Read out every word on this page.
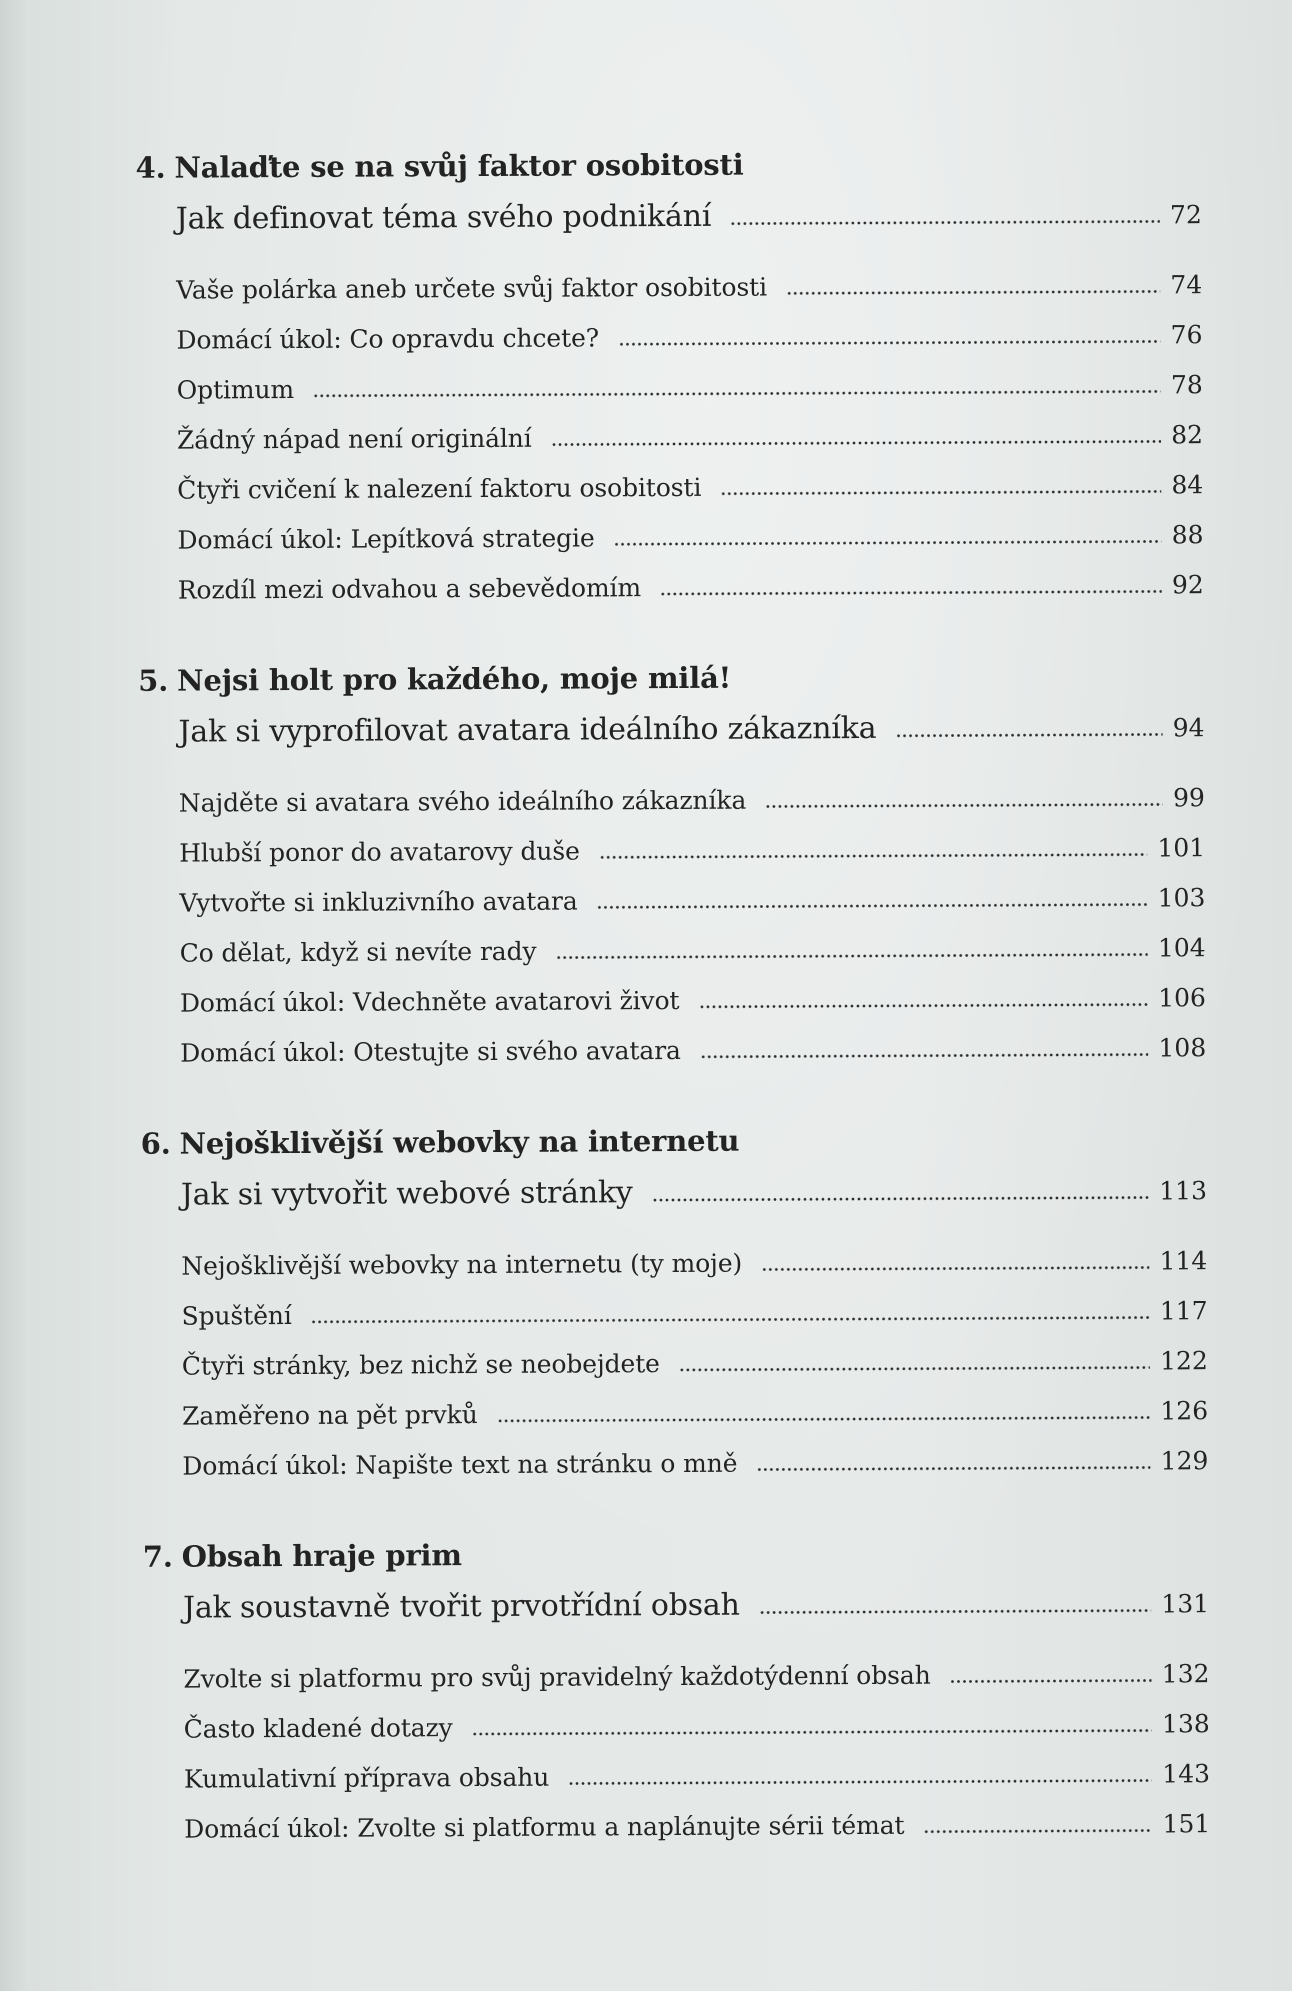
4. Nalaďte se na svůj faktor osobitosti
Jak definovat téma svého podnikání	72
Vaše polárka aneb určete svůj faktor osobitosti	74
Domácí úkol: Co opravdu chcete?	76
Optimum	78
Žádný nápad není originální	82
Čtyři cvičení k nalezení faktoru osobitosti	84
Domácí úkol: Lepítková strategie	88
Rozdíl mezi odvahou a sebevědomím	92
5. Nejsi holt pro každého, moje milá!
Jak si vyprofilovat avatara ideálního zákazníka	94
Najděte si avatara svého ideálního zákazníka	99
Hlubší ponor do avatarovy duše	101
Vytvořte si inkluzivního avatara	103
Co dělat, když si nevíte rady	104
Domácí úkol: Vdechněte avatarovi život	106
Domácí úkol: Otestujte si svého avatara	108
6. Nejošklivější webovky na internetu
Jak si vytvořit webové stránky	113
Nejošklivější webovky na internetu (ty moje)	114
Spuštění	117
Čtyři stránky, bez nichž se neobejdete	122
Zaměřeno na pět prvků	126
Domácí úkol: Napište text na stránku o mně	129
7. Obsah hraje prim
Jak soustavně tvořit prvotřídní obsah	131
Zvolte si platformu pro svůj pravidelný každotýdenní obsah	132
Často kladené dotazy	138
Kumulativní příprava obsahu	143
Domácí úkol: Zvolte si platformu a naplánujte sérii témat	151
